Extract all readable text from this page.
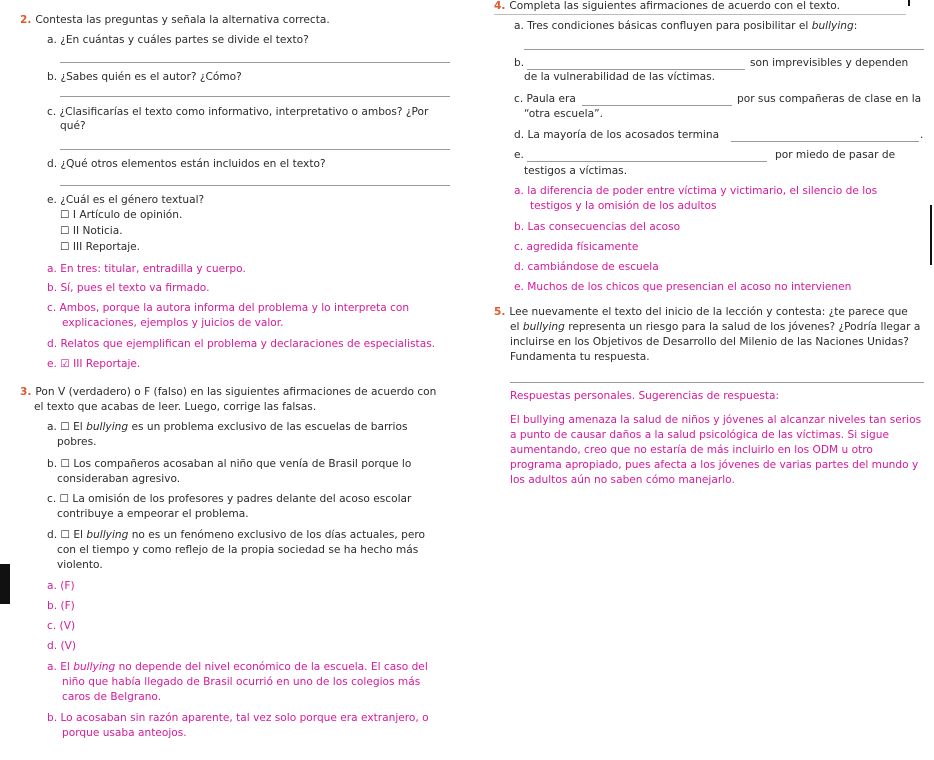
2. Contesta las preguntas y señala la alternativa correcta.
a. ¿En cuántas y cuáles partes se divide el texto?
b. ¿Sabes quién es el autor? ¿Cómo?
c. ¿Clasificarías el texto como informativo, interpretativo o ambos? ¿Por
qué?
d. ¿Qué otros elementos están incluidos en el texto?
e. ¿Cuál es el género textual?
☐ I Artículo de opinión.
☐ II Noticia.
☐ III Reportaje.
a. En tres: titular, entradilla y cuerpo.
b. Sí, pues el texto va firmado.
c. Ambos, porque la autora informa del problema y lo interpreta con
explicaciones, ejemplos y juicios de valor.
d. Relatos que ejemplifican el problema y declaraciones de especialistas.
e. ☑ III Reportaje.
3. Pon V (verdadero) o F (falso) en las siguientes afirmaciones de acuerdo con
el texto que acabas de leer. Luego, corrige las falsas.
a. ☐ El bullying es un problema exclusivo de las escuelas de barrios
pobres.
b. ☐ Los compañeros acosaban al niño que venía de Brasil porque lo
consideraban agresivo.
c. ☐ La omisión de los profesores y padres delante del acoso escolar
contribuye a empeorar el problema.
d. ☐ El bullying no es un fenómeno exclusivo de los días actuales, pero
con el tiempo y como reflejo de la propia sociedad se ha hecho más
violento.
a. (F)
b. (F)
c. (V)
d. (V)
a. El bullying no depende del nivel económico de la escuela. El caso del
niño que había llegado de Brasil ocurrió en uno de los colegios más
caros de Belgrano.
b. Lo acosaban sin razón aparente, tal vez solo porque era extranjero, o
porque usaba anteojos.
4. Completa las siguientes afirmaciones de acuerdo con el texto.
a. Tres condiciones básicas confluyen para posibilitar el bullying:
b.	son imprevisibles y dependen
de la vulnerabilidad de las víctimas.
c. Paula era	por sus compañeras de clase en la
“otra escuela”.
d. La mayoría de los acosados termina	.
e.	por miedo de pasar de
testigos a víctimas.
a. la diferencia de poder entre víctima y victimario, el silencio de los
testigos y la omisión de los adultos
b. Las consecuencias del acoso
c. agredida físicamente
d. cambiándose de escuela
e. Muchos de los chicos que presencian el acoso no intervienen
5. Lee nuevamente el texto del inicio de la lección y contesta: ¿te parece que
el bullying representa un riesgo para la salud de los jóvenes? ¿Podría llegar a
incluirse en los Objetivos de Desarrollo del Milenio de las Naciones Unidas?
Fundamenta tu respuesta.
Respuestas personales. Sugerencias de respuesta:
El bullying amenaza la salud de niños y jóvenes al alcanzar niveles tan serios
a punto de causar daños a la salud psicológica de las víctimas. Si sigue
aumentando, creo que no estaría de más incluirlo en los ODM u otro
programa apropiado, pues afecta a los jóvenes de varias partes del mundo y
los adultos aún no saben cómo manejarlo.
